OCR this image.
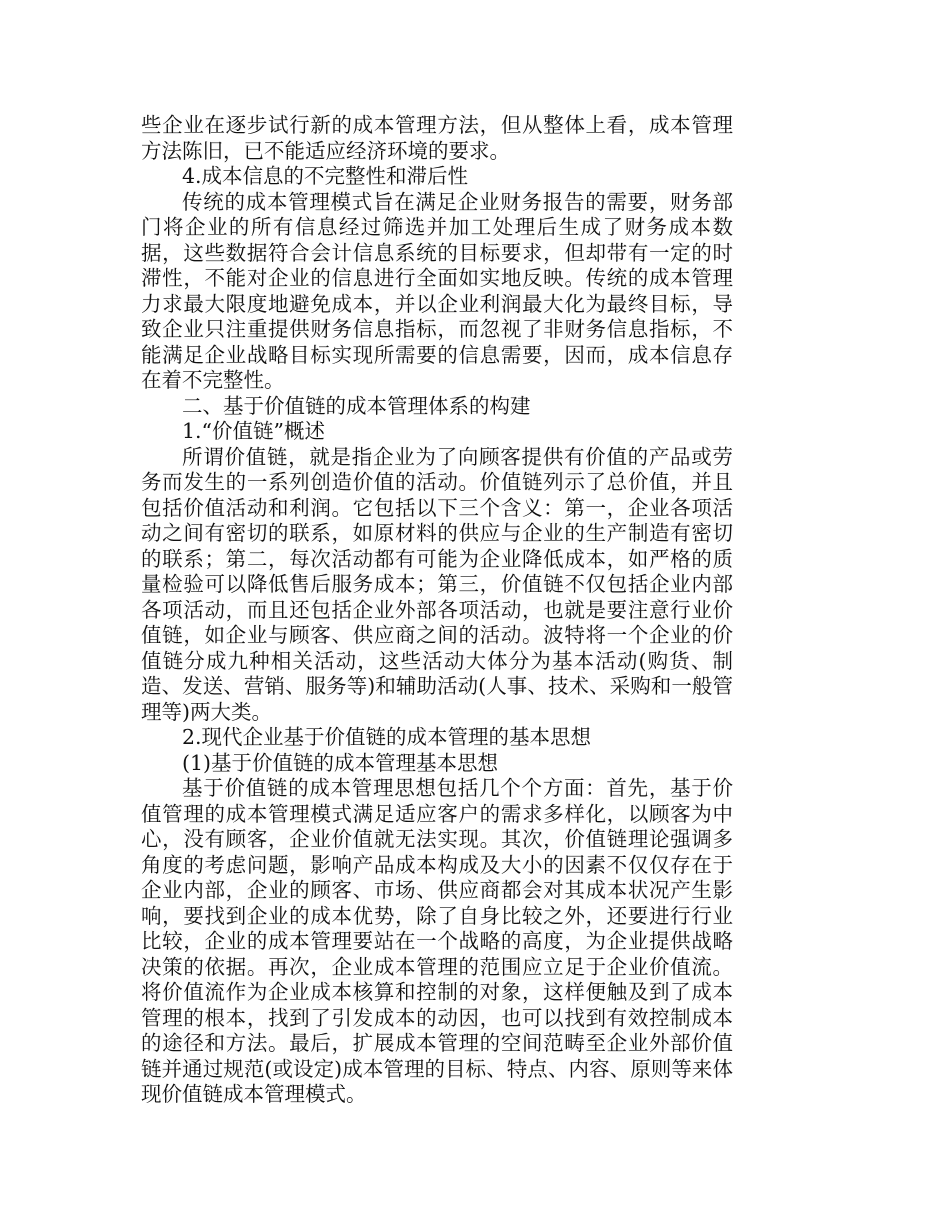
些企业在逐步试行新的成本管理方法，但从整体上看，成本管理方法陈旧，已不能适应经济环境的要求。

4.成本信息的不完整性和滞后性

传统的成本管理模式旨在满足企业财务报告的需要，财务部门将企业的所有信息经过筛选并加工处理后生成了财务成本数据，这些数据符合会计信息系统的目标要求，但却带有一定的时滞性，不能对企业的信息进行全面如实地反映。传统的成本管理力求最大限度地避免成本，并以企业利润最大化为最终目标，导致企业只注重提供财务信息指标，而忽视了非财务信息指标，不能满足企业战略目标实现所需要的信息需要，因而，成本信息存在着不完整性。

二、基于价值链的成本管理体系的构建

1.“价值链”概述

所谓价值链，就是指企业为了向顾客提供有价值的产品或劳务而发生的一系列创造价值的活动。价值链列示了总价值，并且包括价值活动和利润。它包括以下三个含义：第一，企业各项活动之间有密切的联系，如原材料的供应与企业的生产制造有密切的联系；第二，每次活动都有可能为企业降低成本，如严格的质量检验可以降低售后服务成本；第三，价值链不仅包括企业内部各项活动，而且还包括企业外部各项活动，也就是要注意行业价值链，如企业与顾客、供应商之间的活动。波特将一个企业的价值链分成九种相关活动，这些活动大体分为基本活动(购货、制造、发送、营销、服务等)和辅助活动(人事、技术、采购和一般管理等)两大类。

2.现代企业基于价值链的成本管理的基本思想

(1)基于价值链的成本管理基本思想

基于价值链的成本管理思想包括几个个方面：首先，基于价值管理的成本管理模式满足适应客户的需求多样化，以顾客为中心，没有顾客，企业价值就无法实现。其次，价值链理论强调多角度的考虑问题，影响产品成本构成及大小的因素不仅仅存在于企业内部，企业的顾客、市场、供应商都会对其成本状况产生影响，要找到企业的成本优势，除了自身比较之外，还要进行行业比较，企业的成本管理要站在一个战略的高度，为企业提供战略决策的依据。再次，企业成本管理的范围应立足于企业价值流。将价值流作为企业成本核算和控制的对象，这样便触及到了成本管理的根本，找到了引发成本的动因，也可以找到有效控制成本的途径和方法。最后，扩展成本管理的空间范畴至企业外部价值链并通过规范(或设定)成本管理的目标、特点、内容、原则等来体现价值链成本管理模式。
